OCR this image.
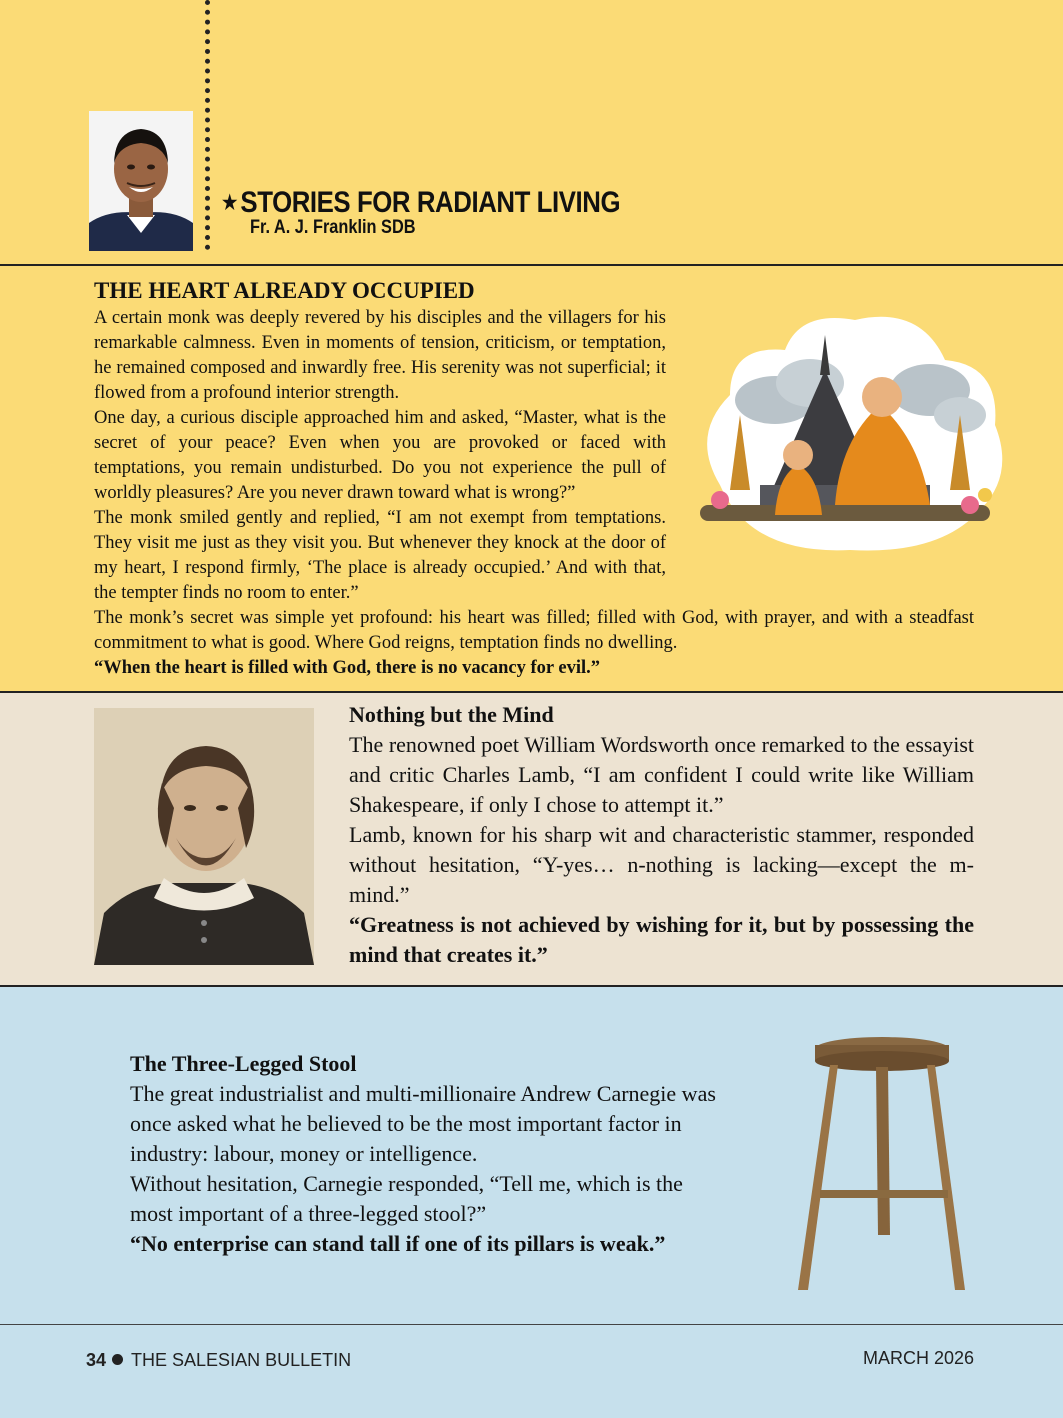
★ STORIES FOR RADIANT LIVING
Fr. A. J. Franklin SDB
THE HEART ALREADY OCCUPIED

A certain monk was deeply revered by his disciples and the villagers for his remarkable calmness. Even in moments of tension, criticism, or temptation, he remained composed and inwardly free. His serenity was not superficial; it flowed from a profound interior strength.

One day, a curious disciple approached him and asked, “Master, what is the secret of your peace? Even when you are provoked or faced with temptations, you remain undisturbed. Do you not experience the pull of worldly pleasures? Are you never drawn toward what is wrong?”

The monk smiled gently and replied, “I am not exempt from temptations. They visit me just as they visit you. But whenever they knock at the door of my heart, I respond firmly, ‘The place is already occupied.’ And with that, the tempter finds no room to enter.”

The monk’s secret was simple yet profound: his heart was filled; filled with God, with prayer, and with a steadfast commitment to what is good. Where God reigns, temptation finds no dwelling.

“When the heart is filled with God, there is no vacancy for evil.”

Nothing but the Mind

The renowned poet William Wordsworth once remarked to the essayist and critic Charles Lamb, “I am confident I could write like William Shakespeare, if only I chose to attempt it.”

Lamb, known for his sharp wit and characteristic stammer, responded without hesitation, “Y-yes… n-nothing is lacking—except the m-mind.”

“Greatness is not achieved by wishing for it, but by possessing the mind that creates it.”

The Three-Legged Stool

The great industrialist and multi-millionaire Andrew Carnegie was once asked what he believed to be the most important factor in industry: labour, money or intelligence.

Without hesitation, Carnegie responded, “Tell me, which is the most important of a three-legged stool?”

“No enterprise can stand tall if one of its pillars is weak.”

34 THE SALESIAN BULLETIN	MARCH 2026
